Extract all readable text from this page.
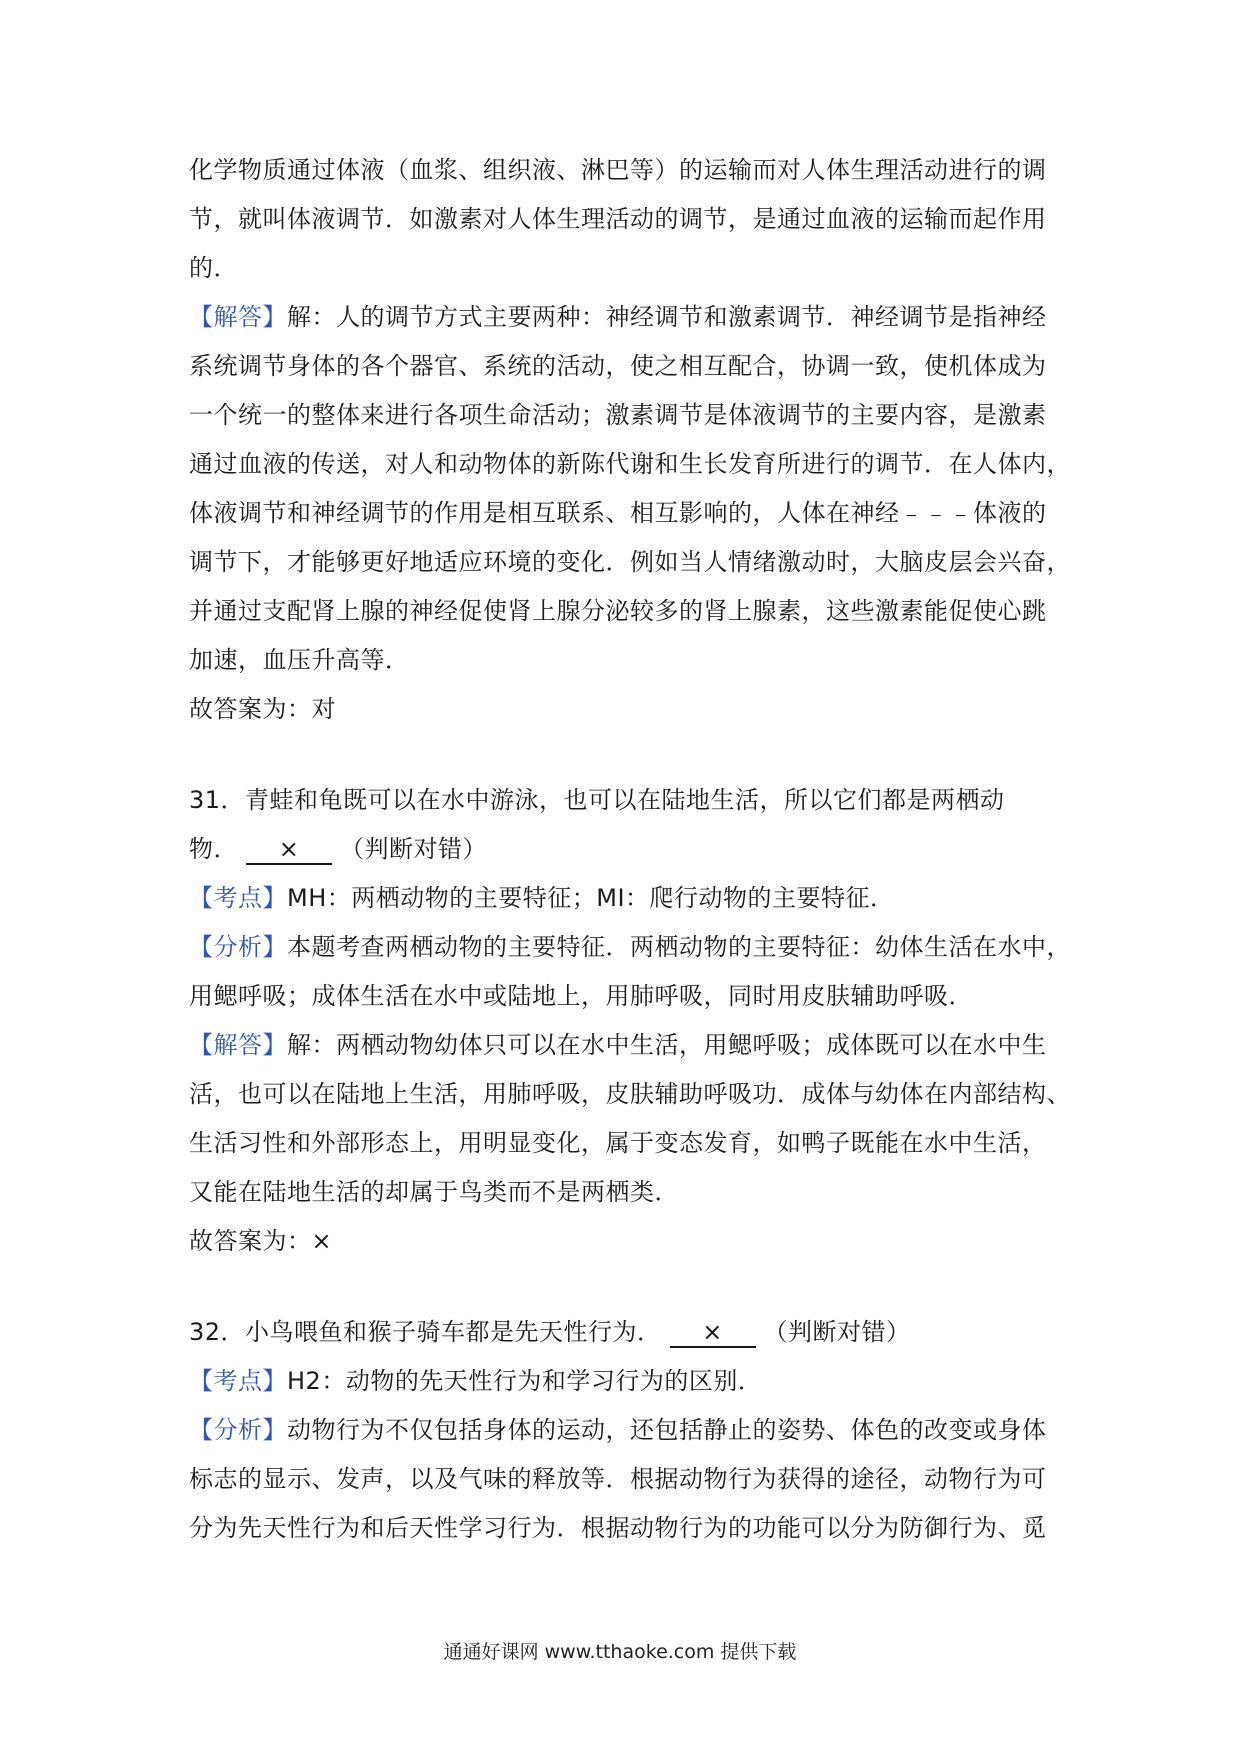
化学物质通过体液（血浆、组织液、淋巴等）的运输而对人体生理活动进行的调
节，就叫体液调节．如激素对人体生理活动的调节，是通过血液的运输而起作用
的．
【解答】解：人的调节方式主要两种：神经调节和激素调节．神经调节是指神经
系统调节身体的各个器官、系统的活动，使之相互配合，协调一致，使机体成为
一个统一的整体来进行各项生命活动；激素调节是体液调节的主要内容，是激素
通过血液的传送，对人和动物体的新陈代谢和生长发育所进行的调节．在人体内，
体液调节和神经调节的作用是相互联系、相互影响的，人体在神经﹣﹣﹣体液的
调节下，才能够更好地适应环境的变化．例如当人情绪激动时，大脑皮层会兴奋，
并通过支配肾上腺的神经促使肾上腺分泌较多的肾上腺素，这些激素能促使心跳
加速，血压升高等．
故答案为：对
31．青蛙和龟既可以在水中游泳，也可以在陆地生活，所以它们都是两栖动
物． × （判断对错）
【考点】MH：两栖动物的主要特征；MI：爬行动物的主要特征．
【分析】本题考查两栖动物的主要特征．两栖动物的主要特征：幼体生活在水中，
用鳃呼吸；成体生活在水中或陆地上，用肺呼吸，同时用皮肤辅助呼吸．
【解答】解：两栖动物幼体只可以在水中生活，用鳃呼吸；成体既可以在水中生
活，也可以在陆地上生活，用肺呼吸，皮肤辅助呼吸功．成体与幼体在内部结构、
生活习性和外部形态上，用明显变化，属于变态发育，如鸭子既能在水中生活，
又能在陆地生活的却属于鸟类而不是两栖类．
故答案为：×
32．小鸟喂鱼和猴子骑车都是先天性行为． × （判断对错）
【考点】H2：动物的先天性行为和学习行为的区别．
【分析】动物行为不仅包括身体的运动，还包括静止的姿势、体色的改变或身体
标志的显示、发声，以及气味的释放等．根据动物行为获得的途径，动物行为可
分为先天性行为和后天性学习行为．根据动物行为的功能可以分为防御行为、觅
通通好课网 www.tthaoke.com 提供下载
